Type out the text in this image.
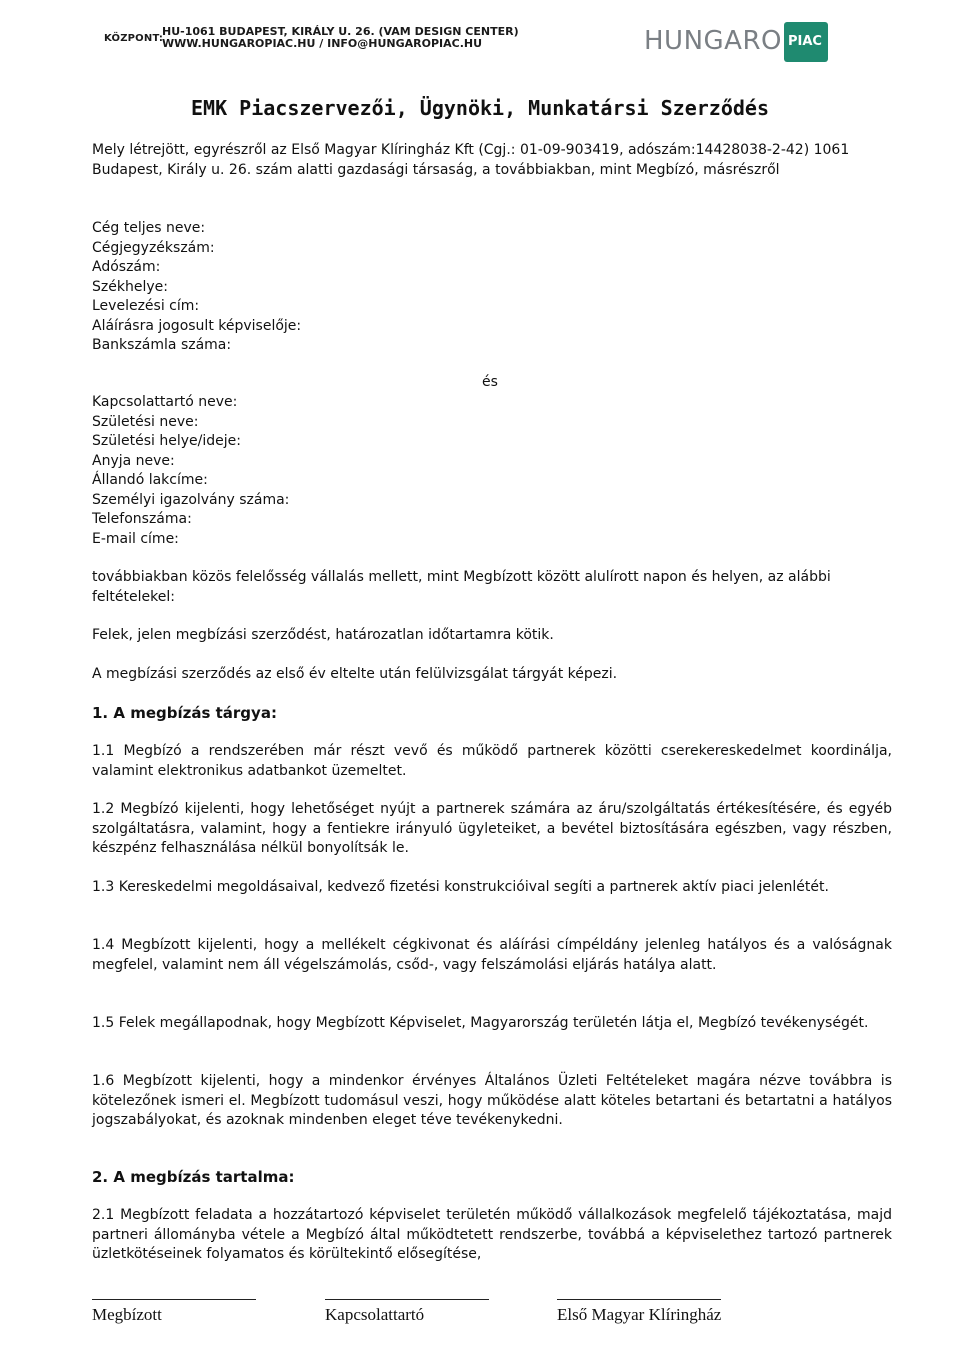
KÖZPONT:
HU-1061 BUDAPEST, KIRÁLY U. 26. (VAM DESIGN CENTER)
WWW.HUNGAROPIAC.HU / INFO@HUNGAROPIAC.HU	HUNGARO PIAC
EMK Piacszervezői, Ügynöki, Munkatársi Szerződés
Mely létrejött, egyrészről az Első Magyar Klíringház Kft (Cgj.: 01-09-903419, adószám:14428038-2-42) 1061 Budapest, Király u. 26. szám alatti gazdasági társaság, a továbbiakban, mint Megbízó, másrészről
Cég teljes neve:
Cégjegyzékszám:
Adószám:
Székhelye:
Levelezési cím:
Aláírásra jogosult képviselője:
Bankszámla száma:
és
Kapcsolattartó neve:
Születési neve:
Születési helye/ideje:
Anyja neve:
Állandó lakcíme:
Személyi igazolvány száma:
Telefonszáma:
E-mail címe:
továbbiakban közös felelősség vállalás mellett, mint Megbízott között alulírott napon és helyen, az alábbi feltételekel:
Felek, jelen megbízási szerződést, határozatlan időtartamra kötik.
A megbízási szerződés az első év eltelte után felülvizsgálat tárgyát képezi.
1. A megbízás tárgya:
1.1 Megbízó a rendszerében már részt vevő és működő partnerek közötti cserekereskedelmet koordinálja, valamint elektronikus adatbankot üzemeltet.
1.2 Megbízó kijelenti, hogy lehetőséget nyújt a partnerek számára az áru/szolgáltatás értékesítésére, és egyéb szolgáltatásra, valamint, hogy a fentiekre irányuló ügyleteiket, a bevétel biztosítására egészben, vagy részben, készpénz felhasználása nélkül bonyolítsák le.
1.3 Kereskedelmi megoldásaival, kedvező fizetési konstrukcióival segíti a partnerek aktív piaci jelenlétét.
1.4 Megbízott kijelenti, hogy a mellékelt cégkivonat és aláírási címpéldány jelenleg hatályos és a valóságnak megfelel, valamint nem áll végelszámolás, csőd-, vagy felszámolási eljárás hatálya alatt.
1.5 Felek megállapodnak, hogy Megbízott Képviselet, Magyarország területén látja el, Megbízó tevékenységét.
1.6 Megbízott kijelenti, hogy a mindenkor érvényes Általános Üzleti Feltételeket magára nézve továbbra is kötelezőnek ismeri el. Megbízott tudomásul veszi, hogy működése alatt köteles betartani és betartatni a hatályos jogszabályokat, és azoknak mindenben eleget téve tevékenykedni.
2. A megbízás tartalma:
2.1 Megbízott feladata a hozzátartozó képviselet területén működő vállalkozások megfelelő tájékoztatása, majd partneri állományba vétele a Megbízó által működtetett rendszerbe, továbbá a képviselethez tartozó partnerek üzletkötéseinek folyamatos és körültekintő elősegítése,
Megbízott	Kapcsolattartó	Első Magyar Klíringház
